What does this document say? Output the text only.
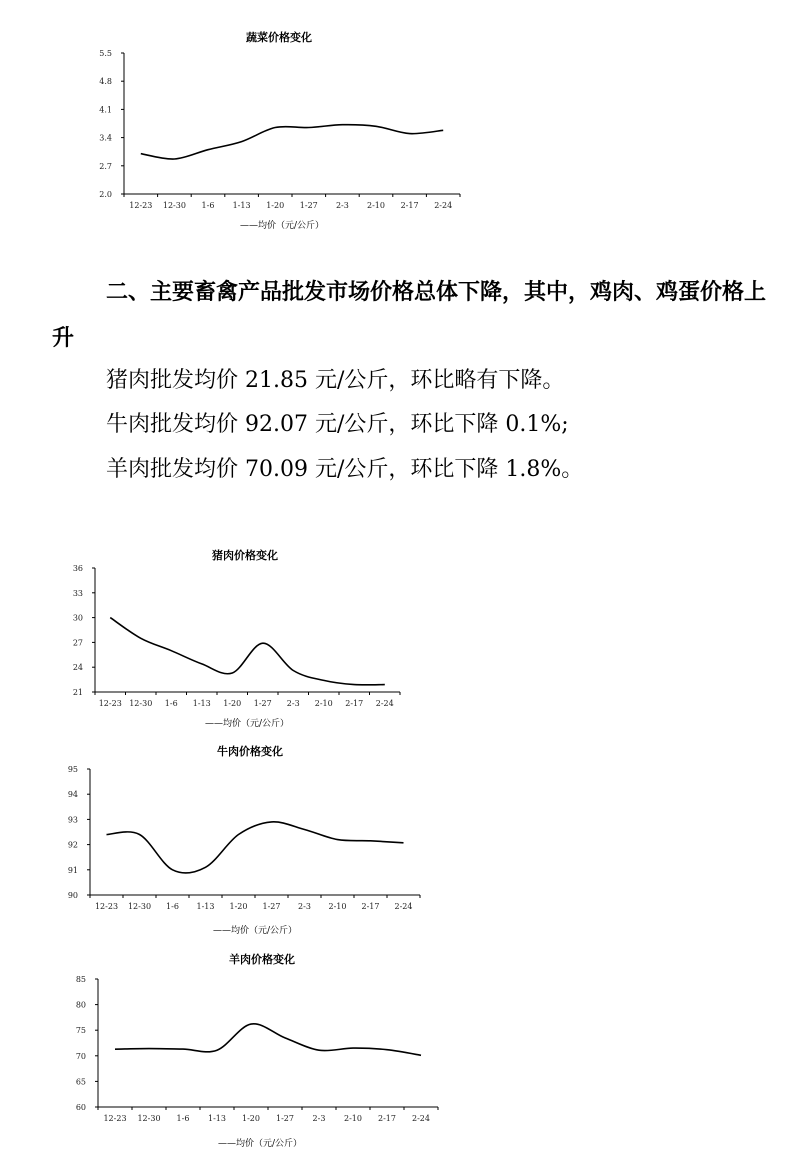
蔬菜价格变化
2.0
2.7
3.4
4.1
4.8
5.5
12-23 12-30 1-6 1-13 1-20 1-27 2-3 2-10 2-17 2-24
——均价（元/公斤）

二、主要畜禽产品批发市场价格总体下降，其中，鸡肉、鸡蛋价格上升

猪肉批发均价 21.85 元/公斤，环比略有下降。

牛肉批发均价 92.07 元/公斤，环比下降 0.1%;

羊肉批发均价 70.09 元/公斤，环比下降 1.8%。

猪肉价格变化
21
24
27
30
33
36
12-23 12-30 1-6 1-13 1-20 1-27 2-3 2-10 2-17 2-24
——均价（元/公斤）
牛肉价格变化
90
91
92
93
94
95
12-23 12-30 1-6 1-13 1-20 1-27 2-3 2-10 2-17 2-24
——均价（元/公斤）
羊肉价格变化
60
65
70
75
80
85
12-23 12-30 1-6 1-13 1-20 1-27 2-3 2-10 2-17 2-24
——均价（元/公斤）
